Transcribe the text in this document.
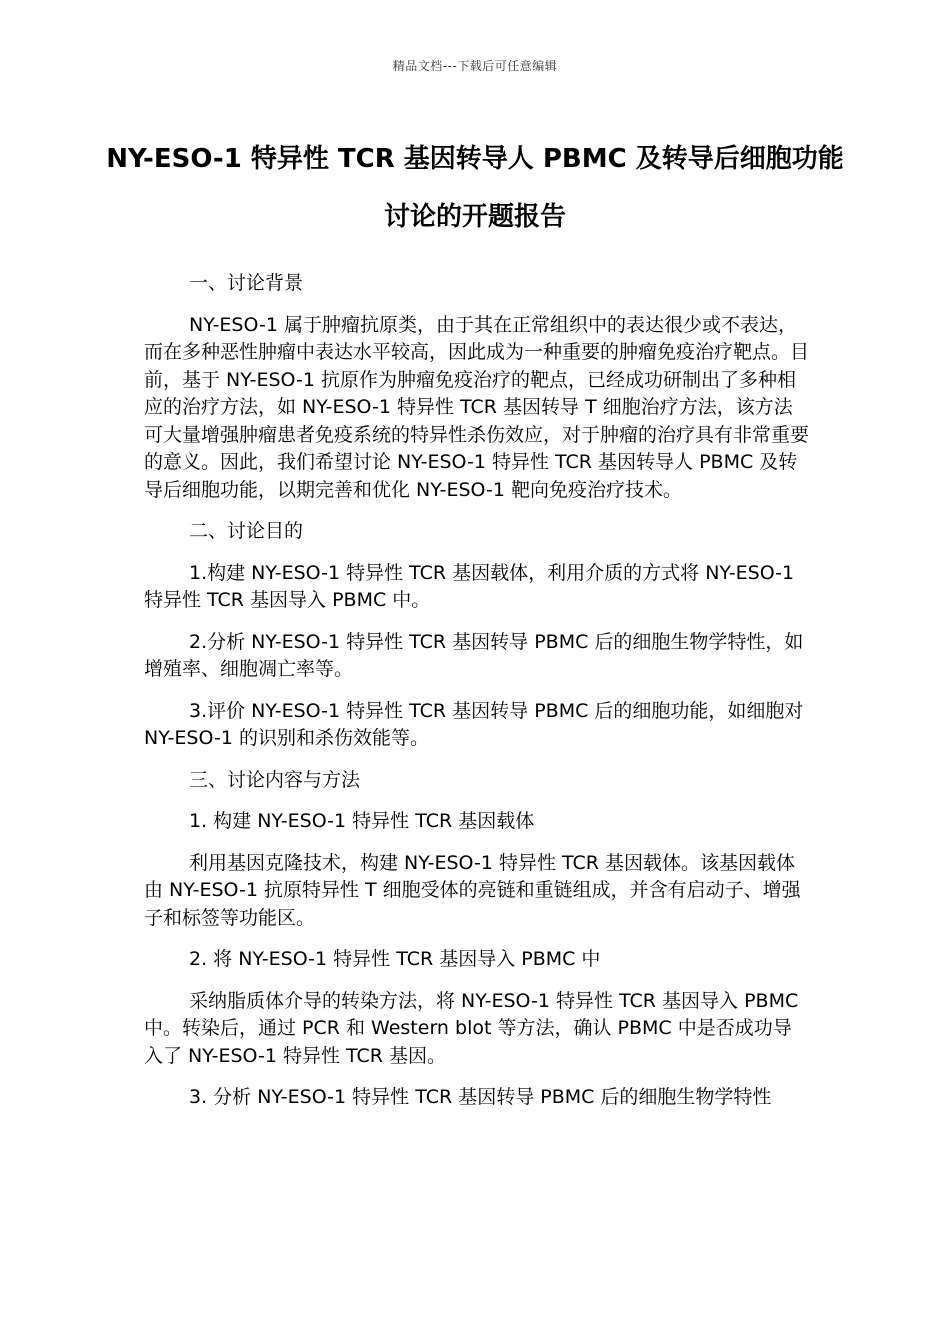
精品文档---下载后可任意编辑
NY-ESO-1 特异性 TCR 基因转导人 PBMC 及转导后细胞功能讨论的开题报告

一、讨论背景

NY-ESO-1 属于肿瘤抗原类，由于其在正常组织中的表达很少或不表达，而在多种恶性肿瘤中表达水平较高，因此成为一种重要的肿瘤免疫治疗靶点。目前，基于 NY-ESO-1 抗原作为肿瘤免疫治疗的靶点，已经成功研制出了多种相应的治疗方法，如 NY-ESO-1 特异性 TCR 基因转导 T 细胞治疗方法，该方法可大量增强肿瘤患者免疫系统的特异性杀伤效应，对于肿瘤的治疗具有非常重要的意义。因此，我们希望讨论 NY-ESO-1 特异性 TCR 基因转导人 PBMC 及转导后细胞功能，以期完善和优化 NY-ESO-1 靶向免疫治疗技术。

二、讨论目的

1.构建 NY-ESO-1 特异性 TCR 基因载体，利用介质的方式将 NY-ESO-1 特异性 TCR 基因导入 PBMC 中。

2.分析 NY-ESO-1 特异性 TCR 基因转导 PBMC 后的细胞生物学特性，如增殖率、细胞凋亡率等。

3.评价 NY-ESO-1 特异性 TCR 基因转导 PBMC 后的细胞功能，如细胞对 NY-ESO-1 的识别和杀伤效能等。

三、讨论内容与方法

1. 构建 NY-ESO-1 特异性 TCR 基因载体

利用基因克隆技术，构建 NY-ESO-1 特异性 TCR 基因载体。该基因载体由 NY-ESO-1 抗原特异性 T 细胞受体的亮链和重链组成，并含有启动子、增强子和标签等功能区。

2. 将 NY-ESO-1 特异性 TCR 基因导入 PBMC 中

采纳脂质体介导的转染方法，将 NY-ESO-1 特异性 TCR 基因导入 PBMC 中。转染后，通过 PCR 和 Western blot 等方法，确认 PBMC 中是否成功导入了 NY-ESO-1 特异性 TCR 基因。

3. 分析 NY-ESO-1 特异性 TCR 基因转导 PBMC 后的细胞生物学特性
